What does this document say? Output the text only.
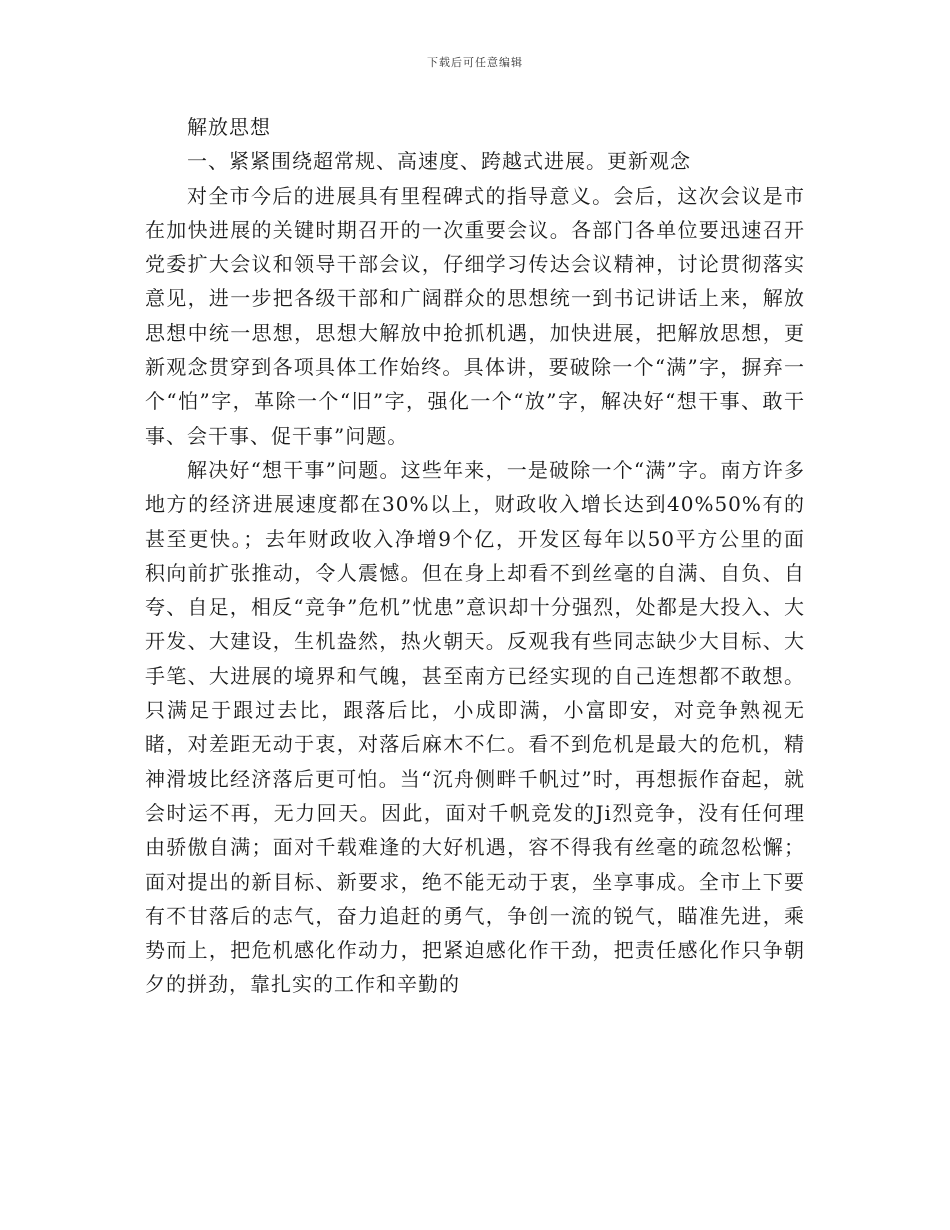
下载后可任意编辑

解放思想

一、紧紧围绕超常规、高速度、跨越式进展。更新观念

对全市今后的进展具有里程碑式的指导意义。会后，这次会议是市在加快进展的关键时期召开的一次重要会议。各部门各单位要迅速召开党委扩大会议和领导干部会议，仔细学习传达会议精神，讨论贯彻落实意见，进一步把各级干部和广阔群众的思想统一到书记讲话上来，解放思想中统一思想，思想大解放中抢抓机遇，加快进展，把解放思想，更新观念贯穿到各项具体工作始终。具体讲，要破除一个“满”字，摒弃一个“怕”字，革除一个“旧”字，强化一个“放”字，解决好“想干事、敢干事、会干事、促干事”问题。

解决好“想干事”问题。这些年来，一是破除一个“满”字。南方许多地方的经济进展速度都在30%以上，财政收入增长达到40%50%有的甚至更快。；去年财政收入净增9个亿，开发区每年以50平方公里的面积向前扩张推动，令人震憾。但在身上却看不到丝毫的自满、自负、自夸、自足，相反“竞争”危机”忧患”意识却十分强烈，处都是大投入、大开发、大建设，生机盎然，热火朝天。反观我有些同志缺少大目标、大手笔、大进展的境界和气魄，甚至南方已经实现的自己连想都不敢想。只满足于跟过去比，跟落后比，小成即满，小富即安，对竞争熟视无睹，对差距无动于衷，对落后麻木不仁。看不到危机是最大的危机，精神滑坡比经济落后更可怕。当“沉舟侧畔千帆过”时，再想振作奋起，就会时运不再，无力回天。因此，面对千帆竞发的Ji烈竞争，没有任何理由骄傲自满；面对千载难逢的大好机遇，容不得我有丝毫的疏忽松懈；面对提出的新目标、新要求，绝不能无动于衷，坐享事成。全市上下要有不甘落后的志气，奋力追赶的勇气，争创一流的锐气，瞄准先进，乘势而上，把危机感化作动力，把紧迫感化作干劲，把责任感化作只争朝夕的拼劲，靠扎实的工作和辛勤的
